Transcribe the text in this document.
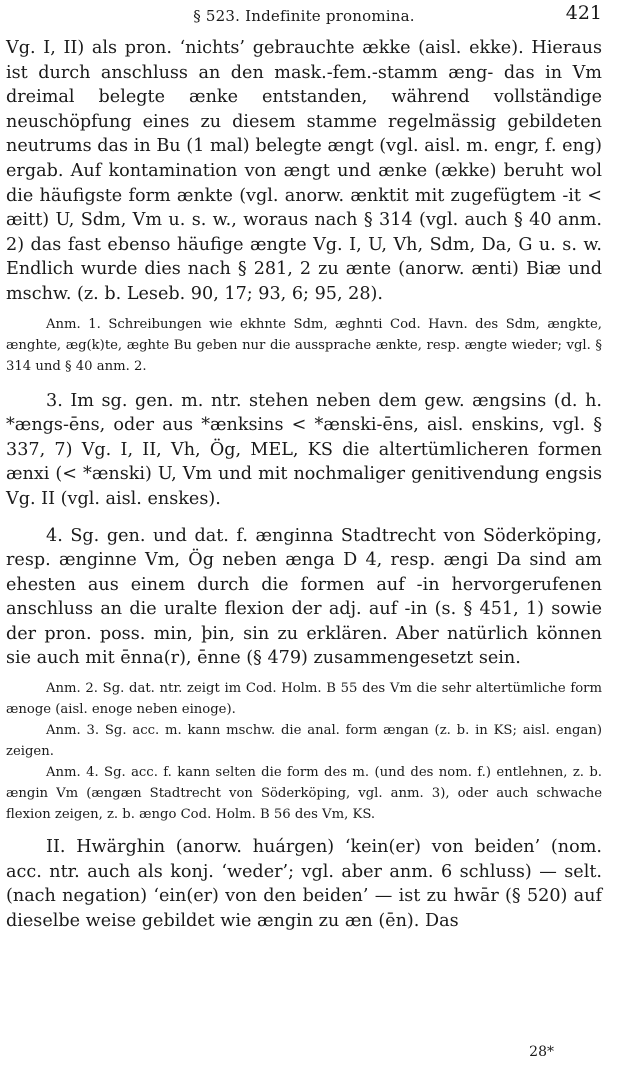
§ 523. Indefinite pronomina.	421

Vg. I, II) als pron. ‘nichts’ gebrauchte ække (aisl. ekke). Hieraus ist durch anschluss an den mask.-fem.-stamm æng- das in Vm dreimal belegte ænke entstanden, während vollständige neuschöpfung eines zu diesem stamme regelmässig gebildeten neutrums das in Bu (1 mal) belegte ængt (vgl. aisl. m. engr, f. eng) ergab. Auf kontamination von ængt und ænke (ække) beruht wol die häufigste form ænkte (vgl. anorw. ænktit mit zugefügtem -it < æitt) U, Sdm, Vm u. s. w., woraus nach § 314 (vgl. auch § 40 anm. 2) das fast ebenso häufige ængte Vg. I, U, Vh, Sdm, Da, G u. s. w. Endlich wurde dies nach § 281, 2 zu ænte (anorw. ænti) Biæ und mschw. (z. b. Leseb. 90, 17; 93, 6; 95, 28).

Anm. 1. Schreibungen wie ekhnte Sdm, æghnti Cod. Havn. des Sdm, ængkte, ænghte, æg(k)te, æghte Bu geben nur die aussprache ænkte, resp. ængte wieder; vgl. § 314 und § 40 anm. 2.

3. Im sg. gen. m. ntr. stehen neben dem gew. ængsins (d. h. *ængs-ēns, oder aus *ænksins < *ænski-ēns, aisl. enskins, vgl. § 337, 7) Vg. I, II, Vh, Ög, MEL, KS die altertümlicheren formen ænxi (< *ænski) U, Vm und mit nochmaliger genitivendung engsis Vg. II (vgl. aisl. enskes).

4. Sg. gen. und dat. f. ænginna Stadtrecht von Söderköping, resp. ænginne Vm, Ög neben ænga D 4, resp. ængi Da sind am ehesten aus einem durch die formen auf -in hervorgerufenen anschluss an die uralte flexion der adj. auf -in (s. § 451, 1) sowie der pron. poss. min, þin, sin zu erklären. Aber natürlich können sie auch mit ēnna(r), ēnne (§ 479) zusammengesetzt sein.

Anm. 2. Sg. dat. ntr. zeigt im Cod. Holm. B 55 des Vm die sehr altertümliche form ænoge (aisl. enoge neben einoge).

Anm. 3. Sg. acc. m. kann mschw. die anal. form ængan (z. b. in KS; aisl. engan) zeigen.

Anm. 4. Sg. acc. f. kann selten die form des m. (und des nom. f.) entlehnen, z. b. ængin Vm (ængæn Stadtrecht von Söderköping, vgl. anm. 3), oder auch schwache flexion zeigen, z. b. ængo Cod. Holm. B 56 des Vm, KS.

II. Hwärghin (anorw. huárgen) ‘kein(er) von beiden’ (nom. acc. ntr. auch als konj. ‘weder’; vgl. aber anm. 6 schluss) — selt. (nach negation) ‘ein(er) von den beiden’ — ist zu hwār (§ 520) auf dieselbe weise gebildet wie ængin zu æn (ēn). Das

28*
